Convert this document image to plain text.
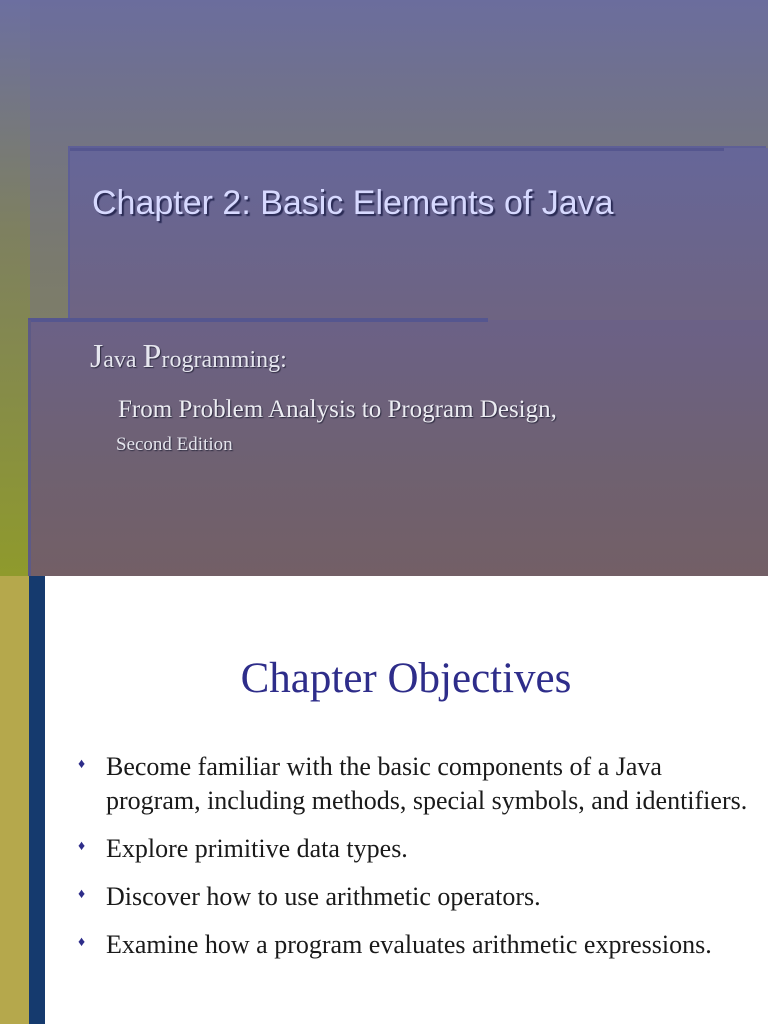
Chapter 2: Basic Elements of Java

Java Programming:

From Problem Analysis to Program Design,

Second Edition

Chapter Objectives
♦ Become familiar with the basic components of a Java program, including methods, special symbols, and identifiers.
♦ Explore primitive data types.
♦ Discover how to use arithmetic operators.
♦ Examine how a program evaluates arithmetic expressions.
